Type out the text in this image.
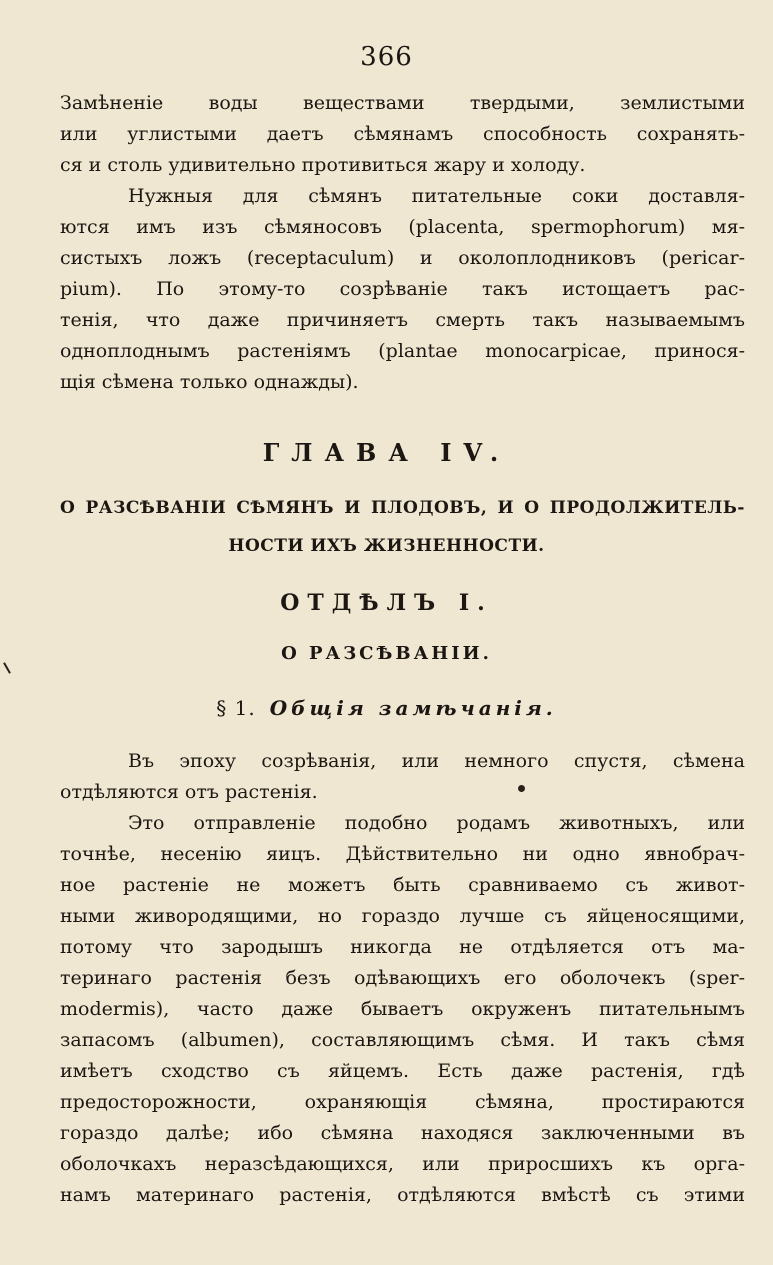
366
Замѣненіе воды веществами твердыми, землистыми
или углистыми даетъ сѣмянамъ способность сохранять-
ся и столь удивительно противиться жару и холоду.
Нужныя для сѣмянъ питательные соки доставля-
ются имъ изъ сѣмяносовъ (placenta, spermophorum) мя-
систыхъ ложъ (receptaculum) и околоплодниковъ (pericar-
pium). По этому-то созрѣваніе такъ истощаетъ рас-
тенія, что даже причиняетъ смерть такъ называемымъ
одноплоднымъ растеніямъ (plantae monocarpicae, принося-
щія сѣмена только однажды).
ГЛАВА IV.
О РАЗСѢВАНІИ СѢМЯНЪ И ПЛОДОВЪ, И О ПРОДОЛЖИТЕЛЬ-
НОСТИ ИХЪ ЖИЗНЕННОСТИ.
ОТДѢЛЪ I.
О РАЗСѢВАНІИ.
§ 1. Общія замѣчанія.
Въ эпоху созрѣванія, или немного спустя, сѣмена
отдѣляются отъ растенія.
Это отправленіе подобно родамъ животныхъ, или
точнѣе, несенію яицъ. Дѣйствительно ни одно явнобрач-
ное растеніе не можетъ быть сравниваемо съ живот-
ными живородящими, но гораздо лучше съ яйценосящими,
потому что зародышъ никогда не отдѣляется отъ ма-
теринаго растенія безъ одѣвающихъ его оболочекъ (sper-
modermis), часто даже бываетъ окруженъ питательнымъ
запасомъ (albumen), составляющимъ сѣмя. И такъ сѣмя
имѣетъ сходство съ яйцемъ. Есть даже растенія, гдѣ
предосторожности, охраняющія сѣмяна, простираются
гораздо далѣе; ибо сѣмяна находяся заключенными въ
оболочкахъ неразсѣдающихся, или приросшихъ къ орга-
намъ материнаго растенія, отдѣляются вмѣстѣ съ этими
